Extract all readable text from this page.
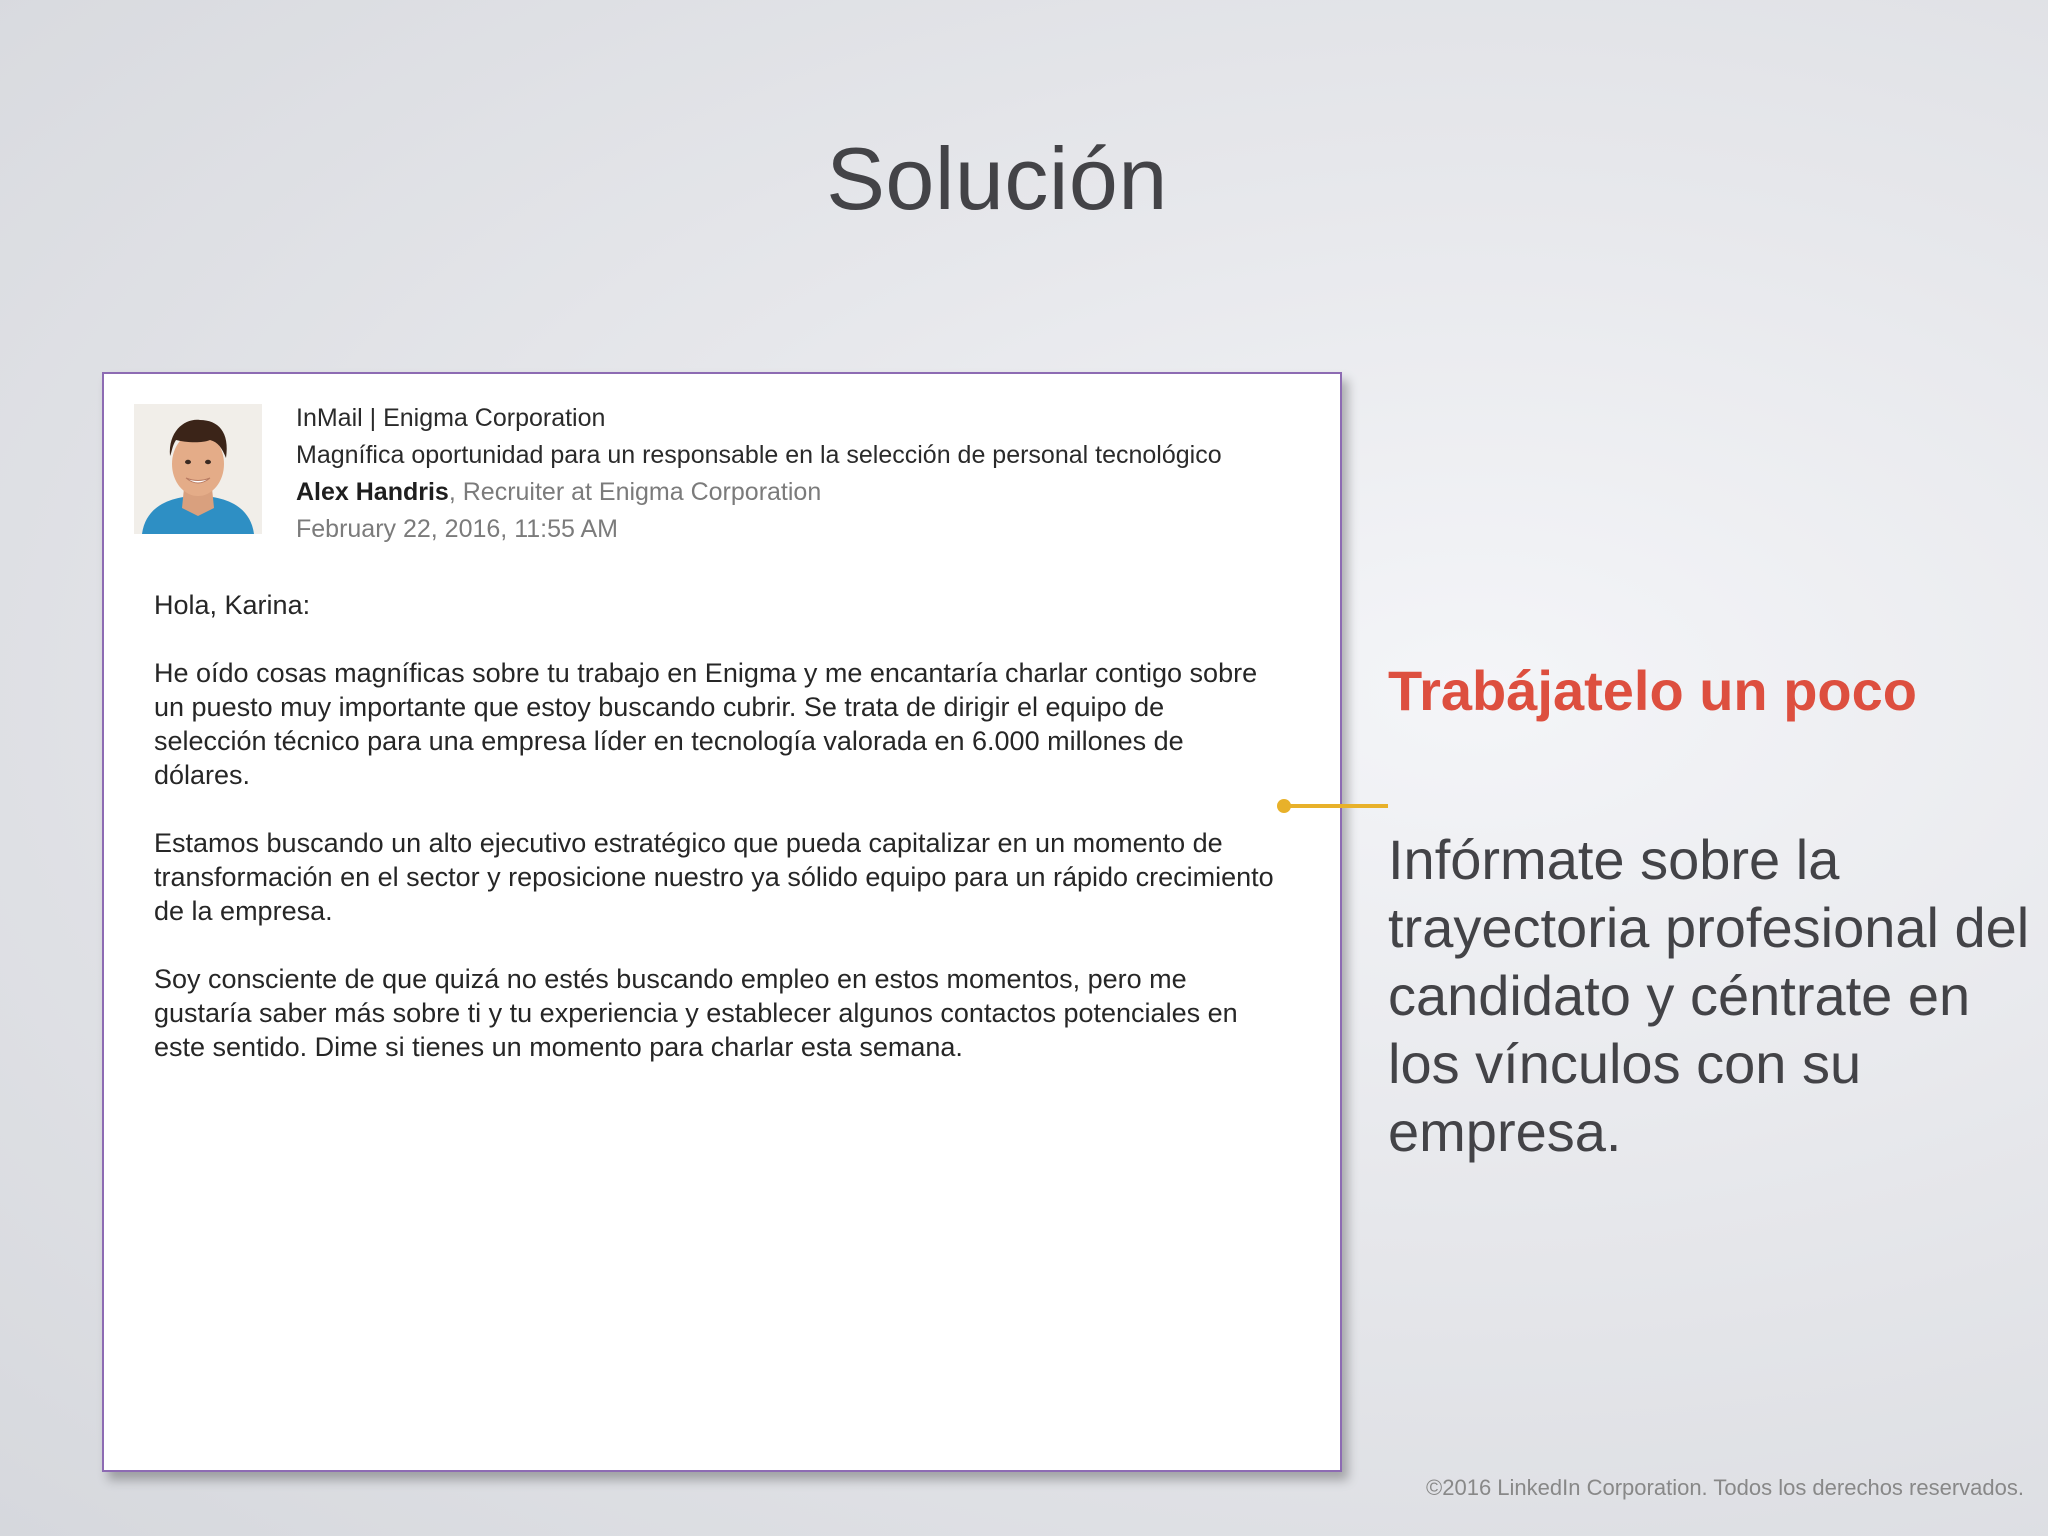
Solución
InMail | Enigma Corporation
Magnífica oportunidad para un responsable en la selección de personal tecnológico
Alex Handris, Recruiter at Enigma Corporation
February 22, 2016, 11:55 AM

Hola, Karina:

He oído cosas magníficas sobre tu trabajo en Enigma y me encantaría charlar contigo sobre un puesto muy importante que estoy buscando cubrir. Se trata de dirigir el equipo de selección técnico para una empresa líder en tecnología valorada en 6.000 millones de dólares.

Estamos buscando un alto ejecutivo estratégico que pueda capitalizar en un momento de transformación en el sector y reposicione nuestro ya sólido equipo para un rápido crecimiento de la empresa.

Soy consciente de que quizá no estés buscando empleo en estos momentos, pero me gustaría saber más sobre ti y tu experiencia y establecer algunos contactos potenciales en este sentido. Dime si tienes un momento para charlar esta semana.

Trabájatelo un poco
Infórmate sobre la trayectoria profesional del candidato y céntrate en los vínculos con su empresa.
©2016 LinkedIn Corporation. Todos los derechos reservados.
